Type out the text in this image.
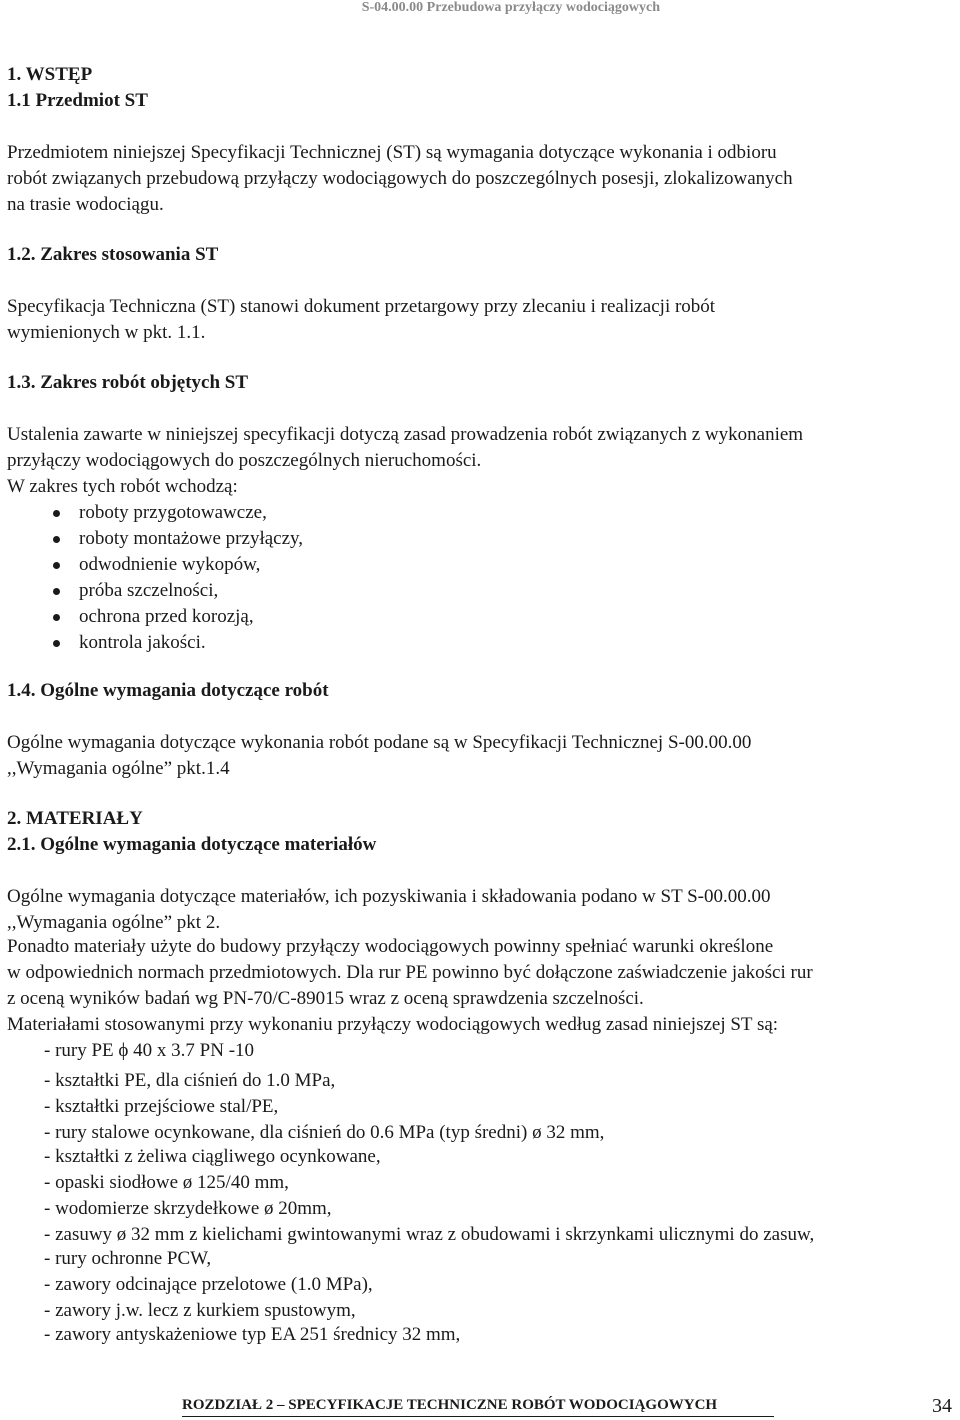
S-04.00.00 Przebudowa przyłączy wodociągowych
1. WSTĘP
1.1 Przedmiot ST
Przedmiotem niniejszej Specyfikacji Technicznej (ST) są wymagania dotyczące wykonania i odbioru
robót związanych przebudową przyłączy wodociągowych do poszczególnych posesji, zlokalizowanych
na trasie wodociągu.
1.2. Zakres stosowania ST
Specyfikacja Techniczna (ST) stanowi dokument przetargowy przy zlecaniu i realizacji robót
wymienionych w pkt. 1.1.
1.3. Zakres robót objętych ST
Ustalenia zawarte w niniejszej specyfikacji dotyczą zasad prowadzenia robót związanych z wykonaniem
przyłączy wodociągowych do poszczególnych nieruchomości.
W zakres tych robót wchodzą:
roboty przygotowawcze,
roboty montażowe przyłączy,
odwodnienie wykopów,
próba szczelności,
ochrona przed korozją,
kontrola jakości.
1.4. Ogólne wymagania dotyczące robót
Ogólne wymagania dotyczące wykonania robót podane są w Specyfikacji Technicznej S-00.00.00
,,Wymagania ogólne” pkt.1.4
2. MATERIAŁY
2.1. Ogólne wymagania dotyczące materiałów
Ogólne wymagania dotyczące materiałów, ich pozyskiwania i składowania podano w ST S-00.00.00
,,Wymagania ogólne” pkt 2.
Ponadto materiały użyte do budowy przyłączy wodociągowych powinny spełniać warunki określone
w odpowiednich normach przedmiotowych. Dla rur PE powinno być dołączone zaświadczenie jakości rur
z oceną wyników badań wg PN-70/C-89015 wraz z oceną sprawdzenia szczelności.
Materiałami stosowanymi przy wykonaniu przyłączy wodociągowych według zasad niniejszej ST są:
- rury PE ϕ 40 x 3.7 PN -10
- kształtki PE, dla ciśnień do 1.0 MPa,
- kształtki przejściowe stal/PE,
- rury stalowe ocynkowane, dla ciśnień do 0.6 MPa (typ średni) ø 32 mm,
- kształtki z żeliwa ciągliwego ocynkowane,
- opaski siodłowe ø 125/40 mm,
- wodomierze skrzydełkowe ø 20mm,
- zasuwy ø 32 mm z kielichami gwintowanymi wraz z obudowami i skrzynkami ulicznymi do zasuw,
- rury ochronne PCW,
- zawory odcinające przelotowe (1.0 MPa),
- zawory j.w. lecz z kurkiem spustowym,
- zawory antyskażeniowe typ EA 251 średnicy 32 mm,
ROZDZIAŁ 2 – SPECYFIKACJE TECHNICZNE ROBÓT WODOCIĄGOWYCH	34
